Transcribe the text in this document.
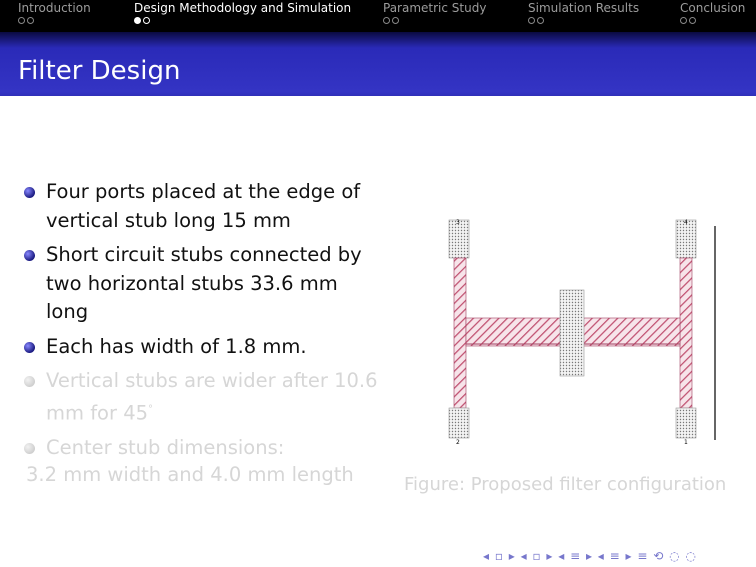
Introduction	Design Methodology and Simulation	Parametric Study	Simulation Results	Conclusion
Filter Design
Four ports placed at the edge of vertical stub long 15 mm
Short circuit stubs connected by two horizontal stubs 33.6 mm long
Each has width of 1.8 mm.
Vertical stubs are wider after 10.6 mm for 45°
Center stub dimensions:
3.2 mm width and 4.0 mm length
3	4
2	1
Figure: Proposed filter configuration
◂ ▫ ▸ ◂ ▫ ▸ ◂ ≡ ▸ ◂ ≡ ▸ ≡ ⟲ ◌ ◌
